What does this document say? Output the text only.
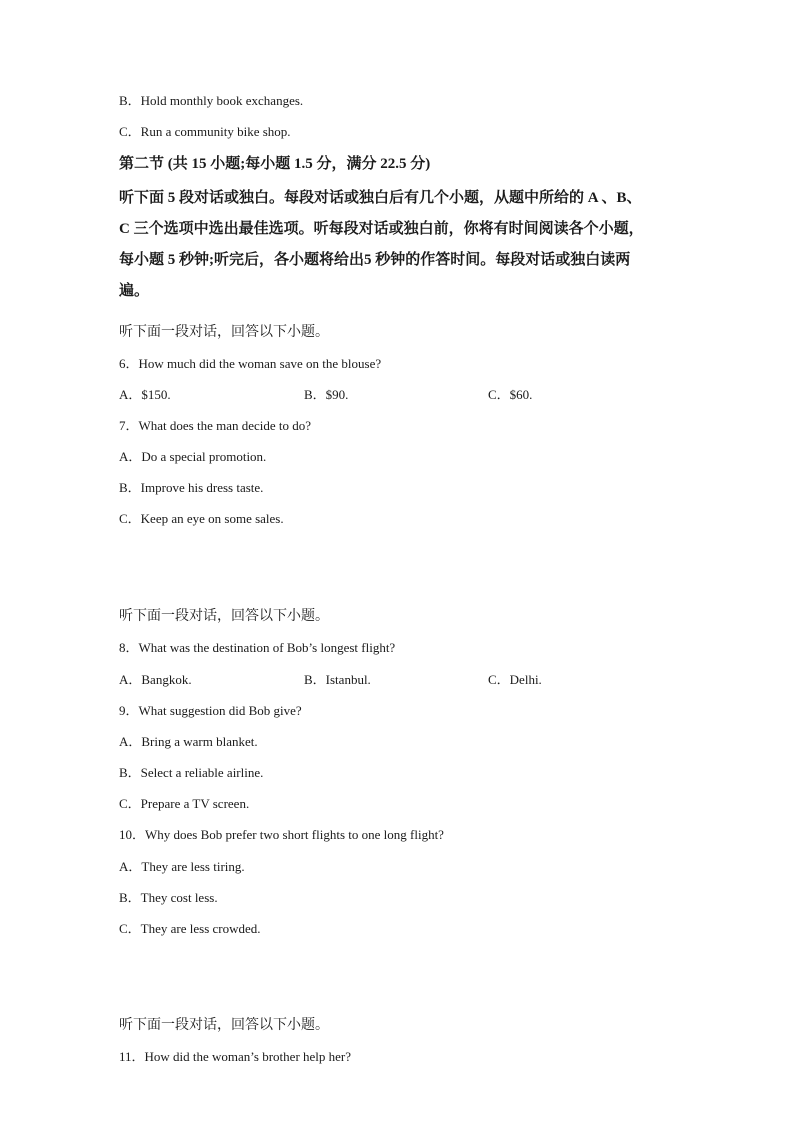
B．Hold monthly book exchanges.
C．Run a community bike shop.
第二节 (共 15 小题;每小题 1.5 分，满分 22.5 分)
听下面 5 段对话或独白。每段对话或独白后有几个小题，从题中所给的 A 、B、
C 三个选项中选出最佳选项。听每段对话或独白前，你将有时间阅读各个小题，
每小题 5 秒钟;听完后，各小题将给出5 秒钟的作答时间。每段对话或独白读两
遍。
听下面一段对话，回答以下小题。
6．How much did the woman save on the blouse?
A．$150.	B．$90.	C．$60.
7．What does the man decide to do?
A．Do a special promotion.
B．Improve his dress taste.
C．Keep an eye on some sales.
听下面一段对话，回答以下小题。
8．What was the destination of Bob’s longest flight?
A．Bangkok.	B．Istanbul.	C．Delhi.
9．What suggestion did Bob give?
A．Bring a warm blanket.
B．Select a reliable airline.
C．Prepare a TV screen.
10．Why does Bob prefer two short flights to one long flight?
A．They are less tiring.
B．They cost less.
C．They are less crowded.
听下面一段对话，回答以下小题。
11．How did the woman’s brother help her?
